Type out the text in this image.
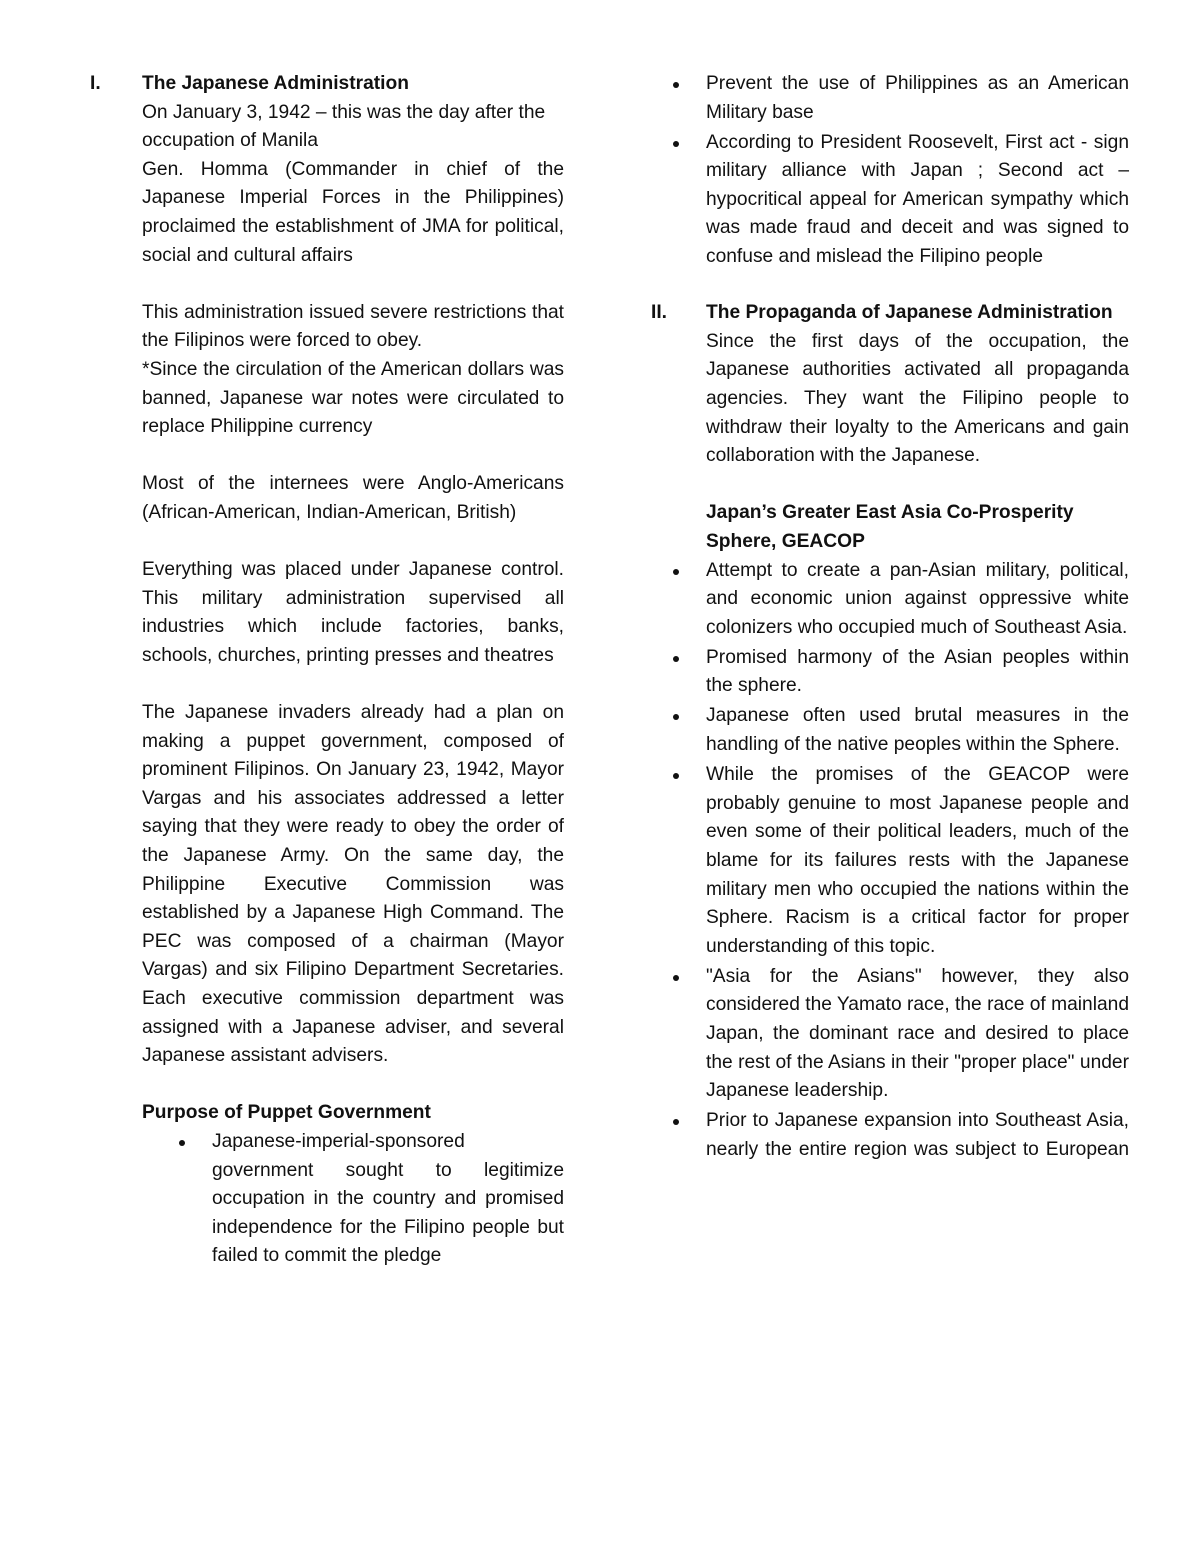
I. The Japanese Administration

On January 3, 1942 – this was the day after the occupation of Manila

Gen. Homma (Commander in chief of the Japanese Imperial Forces in the Philippines) proclaimed the establishment of JMA for political, social and cultural affairs

This administration issued severe restrictions that the Filipinos were forced to obey.

*Since the circulation of the American dollars was banned, Japanese war notes were circulated to replace Philippine currency

Most of the internees were Anglo-Americans (African-American, Indian-American, British)

Everything was placed under Japanese control. This military administration supervised all industries which include factories, banks, schools, churches, printing presses and theatres

The Japanese invaders already had a plan on making a puppet government, composed of prominent Filipinos. On January 23, 1942, Mayor Vargas and his associates addressed a letter saying that they were ready to obey the order of the Japanese Army. On the same day, the Philippine Executive Commission was established by a Japanese High Command. The PEC was composed of a chairman (Mayor Vargas) and six Filipino Department Secretaries. Each executive commission department was assigned with a Japanese adviser, and several Japanese assistant advisers.

Purpose of Puppet Government

Japanese-imperial-sponsored government sought to legitimize occupation in the country and promised independence for the Filipino people but failed to commit the pledge
Prevent the use of Philippines as an American Military base
According to President Roosevelt, First act - sign military alliance with Japan ; Second act – hypocritical appeal for American sympathy which was made fraud and deceit and was signed to confuse and mislead the Filipino people
II. The Propaganda of Japanese Administration

Since the first days of the occupation, the Japanese authorities activated all propaganda agencies. They want the Filipino people to withdraw their loyalty to the Americans and gain collaboration with the Japanese.

Japan’s Greater East Asia Co-Prosperity Sphere, GEACOP

Attempt to create a pan-Asian military, political, and economic union against oppressive white colonizers who occupied much of Southeast Asia.
Promised harmony of the Asian peoples within the sphere.
Japanese often used brutal measures in the handling of the native peoples within the Sphere.
While the promises of the GEACOP were probably genuine to most Japanese people and even some of their political leaders, much of the blame for its failures rests with the Japanese military men who occupied the nations within the Sphere. Racism is a critical factor for proper understanding of this topic.
"Asia for the Asians" however, they also considered the Yamato race, the race of mainland Japan, the dominant race and desired to place the rest of the Asians in their "proper place" under Japanese leadership.
Prior to Japanese expansion into Southeast Asia, nearly the entire region was subject to European
